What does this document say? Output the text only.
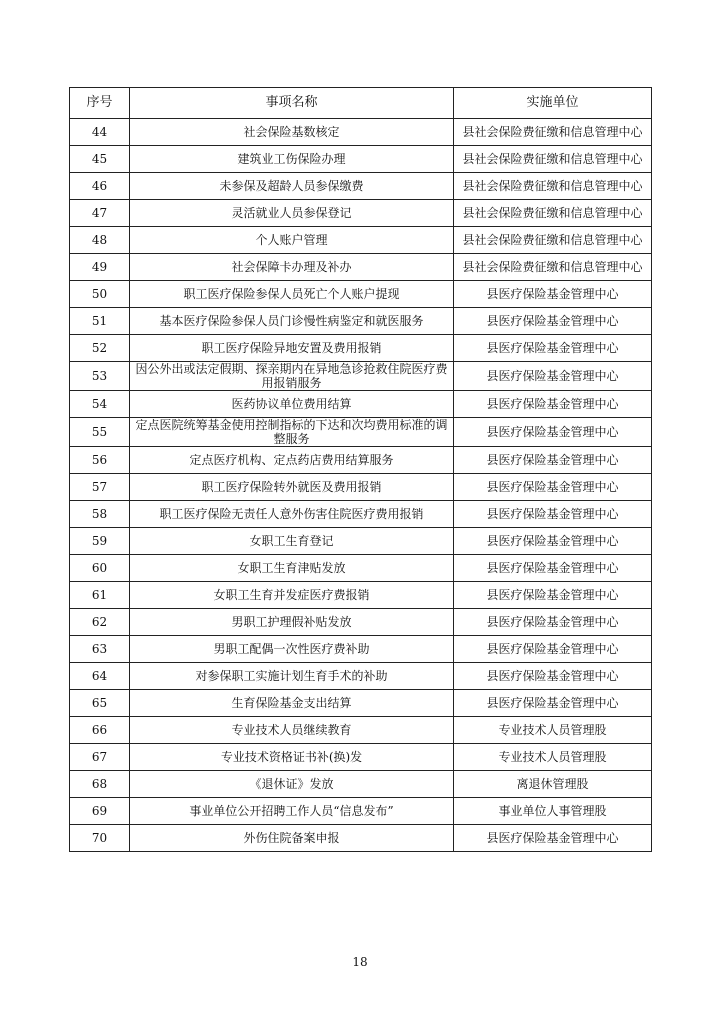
序号	事项名称	实施单位
44	社会保险基数核定	县社会保险费征缴和信息管理中心
45	建筑业工伤保险办理	县社会保险费征缴和信息管理中心
46	未参保及超龄人员参保缴费	县社会保险费征缴和信息管理中心
47	灵活就业人员参保登记	县社会保险费征缴和信息管理中心
48	个人账户管理	县社会保险费征缴和信息管理中心
49	社会保障卡办理及补办	县社会保险费征缴和信息管理中心
50	职工医疗保险参保人员死亡个人账户提现	县医疗保险基金管理中心
51	基本医疗保险参保人员门诊慢性病鉴定和就医服务	县医疗保险基金管理中心
52	职工医疗保险异地安置及费用报销	县医疗保险基金管理中心
53	因公外出或法定假期、探亲期内在异地急诊抢救住院医疗费用报销服务	县医疗保险基金管理中心
54	医药协议单位费用结算	县医疗保险基金管理中心
55	定点医院统筹基金使用控制指标的下达和次均费用标准的调整服务	县医疗保险基金管理中心
56	定点医疗机构、定点药店费用结算服务	县医疗保险基金管理中心
57	职工医疗保险转外就医及费用报销	县医疗保险基金管理中心
58	职工医疗保险无责任人意外伤害住院医疗费用报销	县医疗保险基金管理中心
59	女职工生育登记	县医疗保险基金管理中心
60	女职工生育津贴发放	县医疗保险基金管理中心
61	女职工生育并发症医疗费报销	县医疗保险基金管理中心
62	男职工护理假补贴发放	县医疗保险基金管理中心
63	男职工配偶一次性医疗费补助	县医疗保险基金管理中心
64	对参保职工实施计划生育手术的补助	县医疗保险基金管理中心
65	生育保险基金支出结算	县医疗保险基金管理中心
66	专业技术人员继续教育	专业技术人员管理股
67	专业技术资格证书补(换)发	专业技术人员管理股
68	《退休证》发放	离退休管理股
69	事业单位公开招聘工作人员“信息发布”	事业单位人事管理股
70	外伤住院备案申报	县医疗保险基金管理中心
18
